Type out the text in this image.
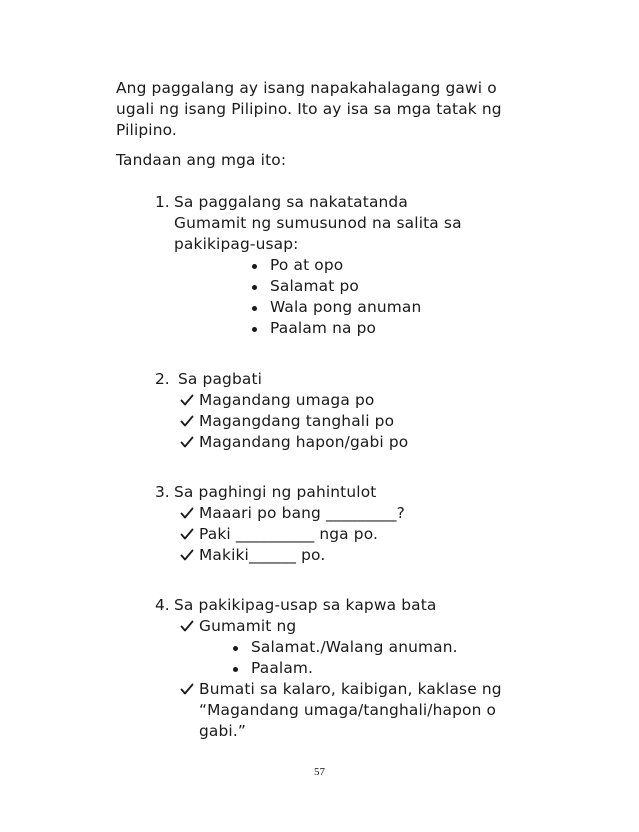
Ang paggalang ay isang napakahalagang gawi o
ugali ng isang Pilipino. Ito ay isa sa mga tatak ng
Pilipino.
Tandaan ang mga ito:
1. Sa paggalang sa nakatatanda
Gumamit ng sumusunod na salita sa
pakikipag-usap:
Po at opo
Salamat po
Wala pong anuman
Paalam na po
2. Sa pagbati
Magandang umaga po
Magangdang tanghali po
Magandang hapon/gabi po
3. Sa paghingi ng pahintulot
Maaari po bang _________?
Paki __________ nga po.
Makiki______ po.
4. Sa pakikipag-usap sa kapwa bata
Gumamit ng
Salamat./Walang anuman.
Paalam.
Bumati sa kalaro, kaibigan, kaklase ng
“Magandang umaga/tanghali/hapon o
gabi.”
57
